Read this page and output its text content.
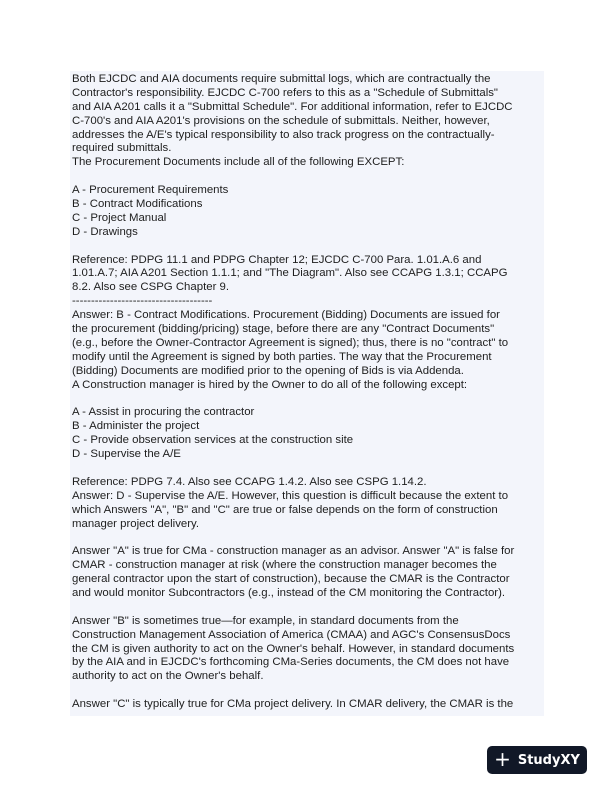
Both EJCDC and AIA documents require submittal logs, which are contractually the
Contractor's responsibility. EJCDC C-700 refers to this as a "Schedule of Submittals"
and AIA A201 calls it a "Submittal Schedule". For additional information, refer to EJCDC
C-700's and AIA A201's provisions on the schedule of submittals. Neither, however,
addresses the A/E's typical responsibility to also track progress on the contractually-
required submittals.
The Procurement Documents include all of the following EXCEPT:
A - Procurement Requirements
B - Contract Modifications
C - Project Manual
D - Drawings
Reference: PDPG 11.1 and PDPG Chapter 12; EJCDC C-700 Para. 1.01.A.6 and
1.01.A.7; AIA A201 Section 1.1.1; and "The Diagram". Also see CCAPG 1.3.1; CCAPG
8.2. Also see CSPG Chapter 9.
-------------------------------------
Answer: B - Contract Modifications. Procurement (Bidding) Documents are issued for
the procurement (bidding/pricing) stage, before there are any "Contract Documents"
(e.g., before the Owner-Contractor Agreement is signed); thus, there is no "contract" to
modify until the Agreement is signed by both parties. The way that the Procurement
(Bidding) Documents are modified prior to the opening of Bids is via Addenda.
A Construction manager is hired by the Owner to do all of the following except:
A - Assist in procuring the contractor
B - Administer the project
C - Provide observation services at the construction site
D - Supervise the A/E
Reference: PDPG 7.4. Also see CCAPG 1.4.2. Also see CSPG 1.14.2.
Answer: D - Supervise the A/E. However, this question is difficult because the extent to
which Answers "A", "B" and "C" are true or false depends on the form of construction
manager project delivery.
Answer "A" is true for CMa - construction manager as an advisor. Answer "A" is false for
CMAR - construction manager at risk (where the construction manager becomes the
general contractor upon the start of construction), because the CMAR is the Contractor
and would monitor Subcontractors (e.g., instead of the CM monitoring the Contractor).
Answer "B" is sometimes true—for example, in standard documents from the
Construction Management Association of America (CMAA) and AGC's ConsensusDocs
the CM is given authority to act on the Owner's behalf. However, in standard documents
by the AIA and in EJCDC's forthcoming CMa-Series documents, the CM does not have
authority to act on the Owner's behalf.
Answer "C" is typically true for CMa project delivery. In CMAR delivery, the CMAR is the
+ StudyXY
